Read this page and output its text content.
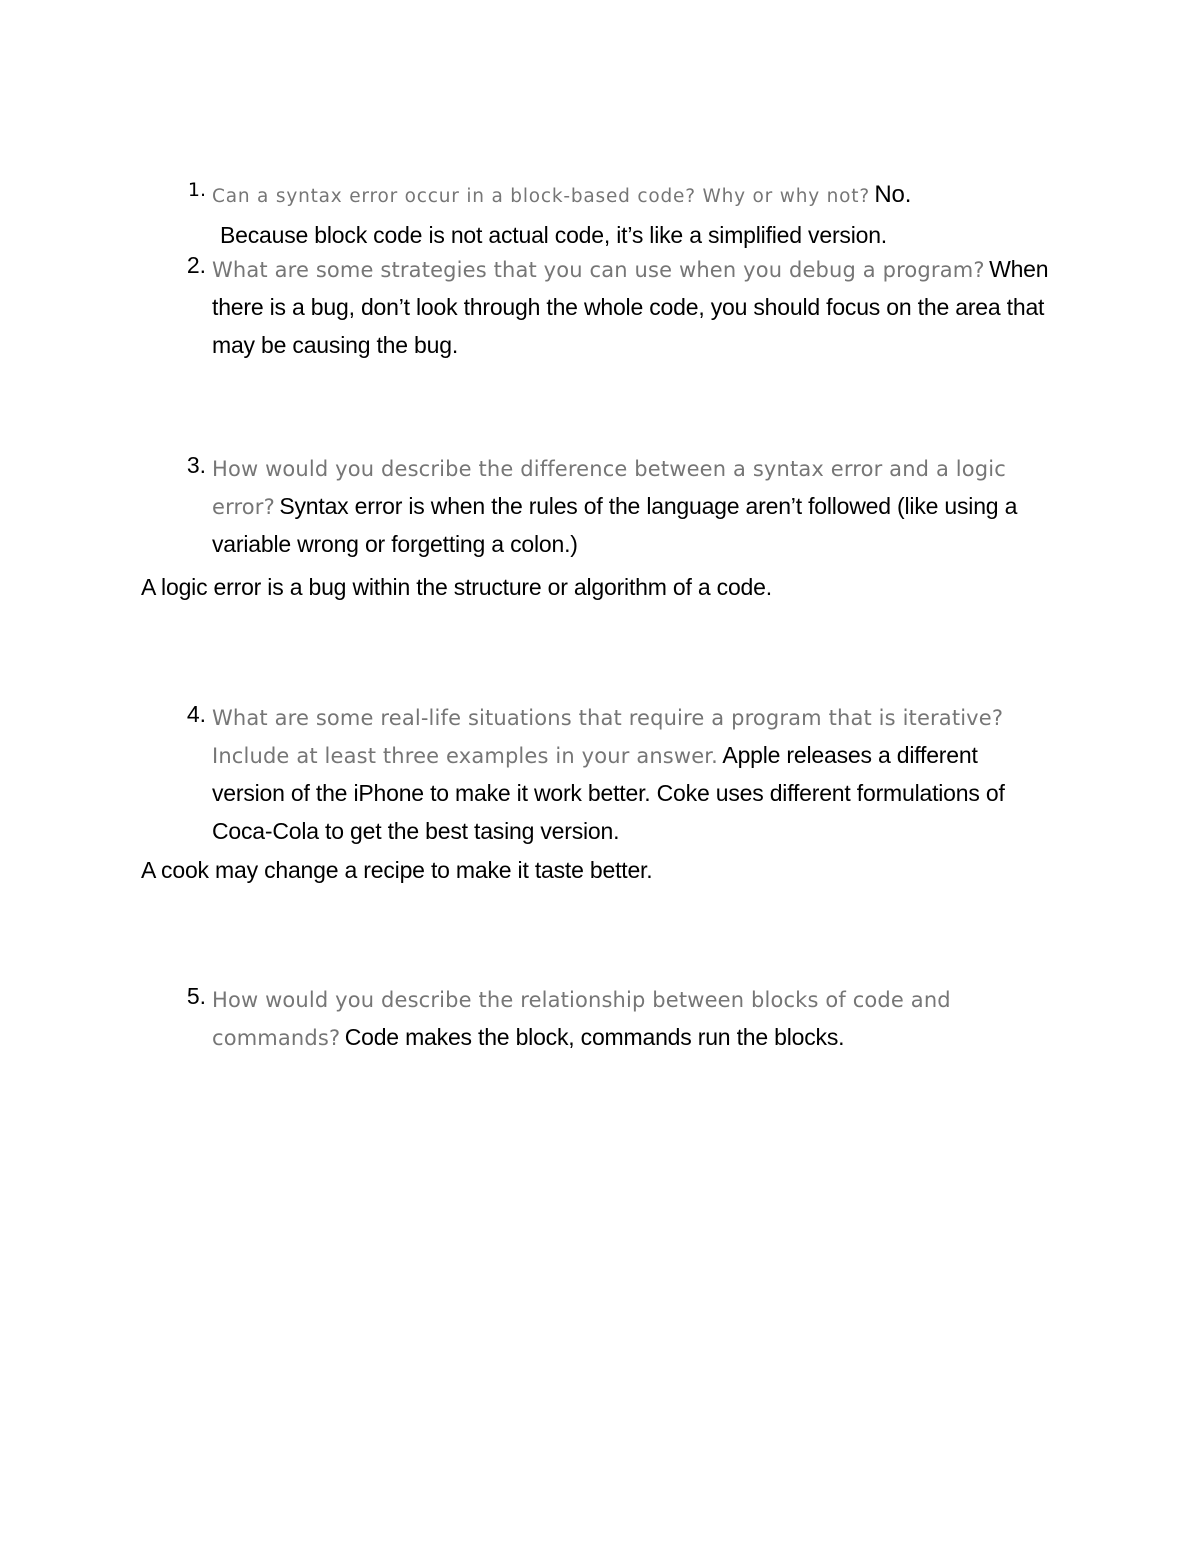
1. Can a syntax error occur in a block-based code? Why or why not? No.
Because block code is not actual code, it’s like a simplified version.
2. What are some strategies that you can use when you debug a program? When there is a bug, don’t look through the whole code, you should focus on the area that may be causing the bug.
3. How would you describe the difference between a syntax error and a logic error? Syntax error is when the rules of the language aren’t followed (like using a variable wrong or forgetting a colon.)
A logic error is a bug within the structure or algorithm of a code.
4. What are some real-life situations that require a program that is iterative? Include at least three examples in your answer. Apple releases a different version of the iPhone to make it work better. Coke uses different formulations of Coca-Cola to get the best tasing version.
A cook may change a recipe to make it taste better.
5. How would you describe the relationship between blocks of code and commands? Code makes the block, commands run the blocks.
